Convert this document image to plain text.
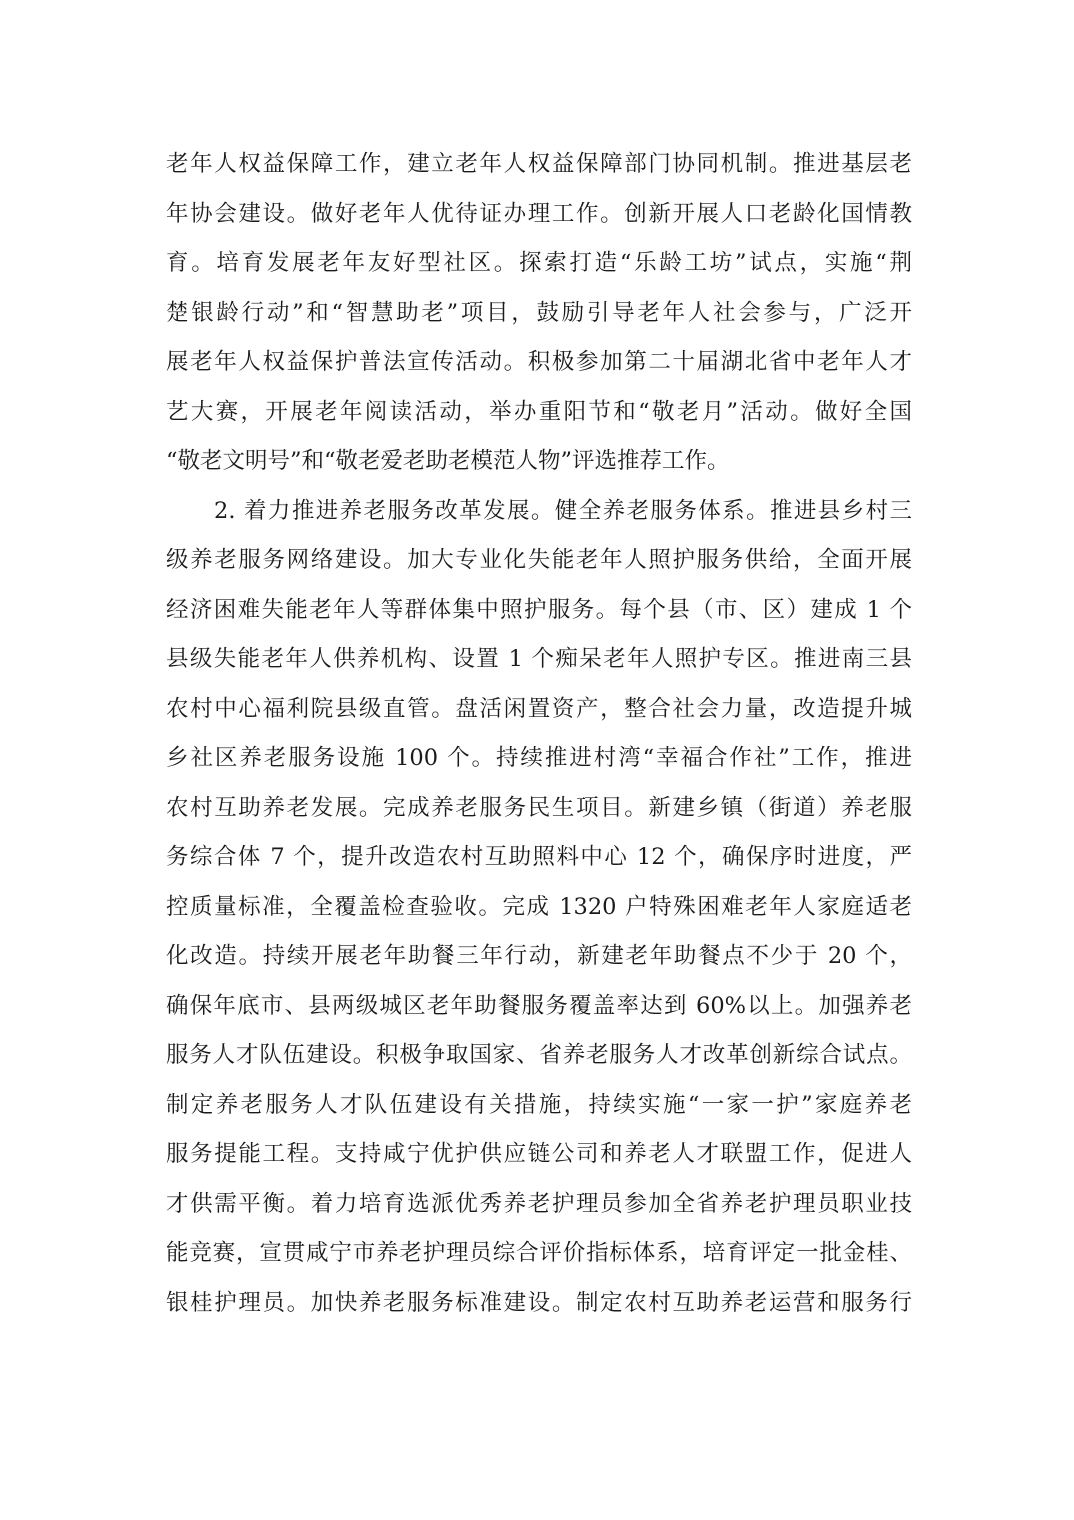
老年人权益保障工作，建立老年人权益保障部门协同机制。推进基层老
年协会建设。做好老年人优待证办理工作。创新开展人口老龄化国情教
育。培育发展老年友好型社区。探索打造“乐龄工坊”试点，实施“荆
楚银龄行动”和“智慧助老”项目，鼓励引导老年人社会参与，广泛开
展老年人权益保护普法宣传活动。积极参加第二十届湖北省中老年人才
艺大赛，开展老年阅读活动，举办重阳节和“敬老月”活动。做好全国
“敬老文明号”和“敬老爱老助老模范人物”评选推荐工作。
2. 着力推进养老服务改革发展。健全养老服务体系。推进县乡村三
级养老服务网络建设。加大专业化失能老年人照护服务供给，全面开展
经济困难失能老年人等群体集中照护服务。每个县（市、区）建成 1 个
县级失能老年人供养机构、设置 1 个痴呆老年人照护专区。推进南三县
农村中心福利院县级直管。盘活闲置资产，整合社会力量，改造提升城
乡社区养老服务设施 100 个。持续推进村湾“幸福合作社”工作，推进
农村互助养老发展。完成养老服务民生项目。新建乡镇（街道）养老服
务综合体 7 个，提升改造农村互助照料中心 12 个，确保序时进度，严
控质量标准，全覆盖检查验收。完成 1320 户特殊困难老年人家庭适老
化改造。持续开展老年助餐三年行动，新建老年助餐点不少于 20 个，
确保年底市、县两级城区老年助餐服务覆盖率达到 60%以上。加强养老
服务人才队伍建设。积极争取国家、省养老服务人才改革创新综合试点。
制定养老服务人才队伍建设有关措施，持续实施“一家一护”家庭养老
服务提能工程。支持咸宁优护供应链公司和养老人才联盟工作，促进人
才供需平衡。着力培育选派优秀养老护理员参加全省养老护理员职业技
能竞赛，宣贯咸宁市养老护理员综合评价指标体系，培育评定一批金桂、
银桂护理员。加快养老服务标准建设。制定农村互助养老运营和服务行
